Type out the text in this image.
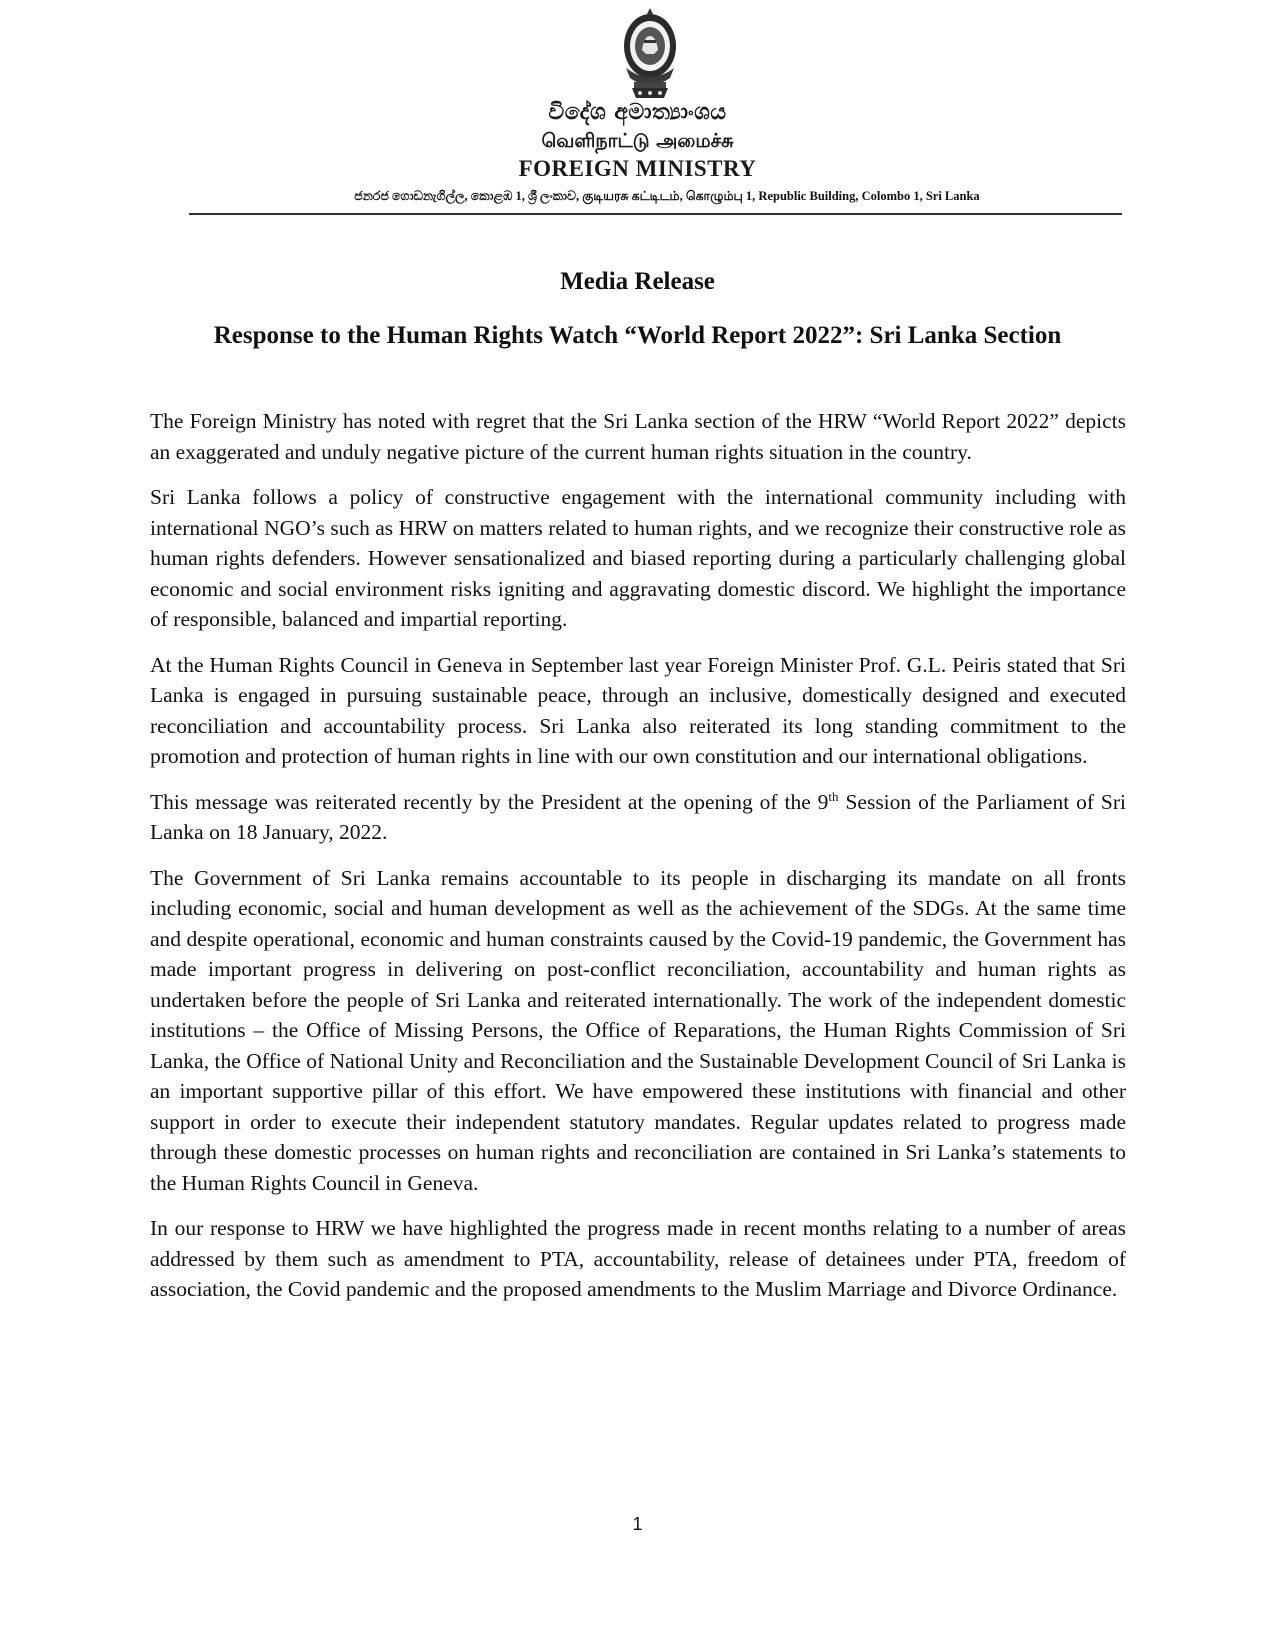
විදේශ අමාත්‍යාංශය
வெளிநாட்டு அமைச்சு
FOREIGN MINISTRY
ජනරජ ගොඩනැගිල්ල, කොළඹ 1, ශ්‍රී ලංකාව, குடியரசு கட்டிடம், கொழும்பு 1, Republic Building, Colombo 1, Sri Lanka
Media Release
Response to the Human Rights Watch “World Report 2022”: Sri Lanka Section

The Foreign Ministry has noted with regret that the Sri Lanka section of the HRW “World Report 2022” depicts an exaggerated and unduly negative picture of the current human rights situation in the country.

Sri Lanka follows a policy of constructive engagement with the international community including with international NGO’s such as HRW on matters related to human rights, and we recognize their constructive role as human rights defenders. However sensationalized and biased reporting during a particularly challenging global economic and social environment risks igniting and aggravating domestic discord. We highlight the importance of responsible, balanced and impartial reporting.

At the Human Rights Council in Geneva in September last year Foreign Minister Prof. G.L. Peiris stated that Sri Lanka is engaged in pursuing sustainable peace, through an inclusive, domestically designed and executed reconciliation and accountability process. Sri Lanka also reiterated its long standing commitment to the promotion and protection of human rights in line with our own constitution and our international obligations.

This message was reiterated recently by the President at the opening of the 9th Session of the Parliament of Sri Lanka on 18 January, 2022.

The Government of Sri Lanka remains accountable to its people in discharging its mandate on all fronts including economic, social and human development as well as the achievement of the SDGs. At the same time and despite operational, economic and human constraints caused by the Covid-19 pandemic, the Government has made important progress in delivering on post-conflict reconciliation, accountability and human rights as undertaken before the people of Sri Lanka and reiterated internationally. The work of the independent domestic institutions – the Office of Missing Persons, the Office of Reparations, the Human Rights Commission of Sri Lanka, the Office of National Unity and Reconciliation and the Sustainable Development Council of Sri Lanka is an important supportive pillar of this effort. We have empowered these institutions with financial and other support in order to execute their independent statutory mandates. Regular updates related to progress made through these domestic processes on human rights and reconciliation are contained in Sri Lanka’s statements to the Human Rights Council in Geneva.

In our response to HRW we have highlighted the progress made in recent months relating to a number of areas addressed by them such as amendment to PTA, accountability, release of detainees under PTA, freedom of association, the Covid pandemic and the proposed amendments to the Muslim Marriage and Divorce Ordinance.

1
